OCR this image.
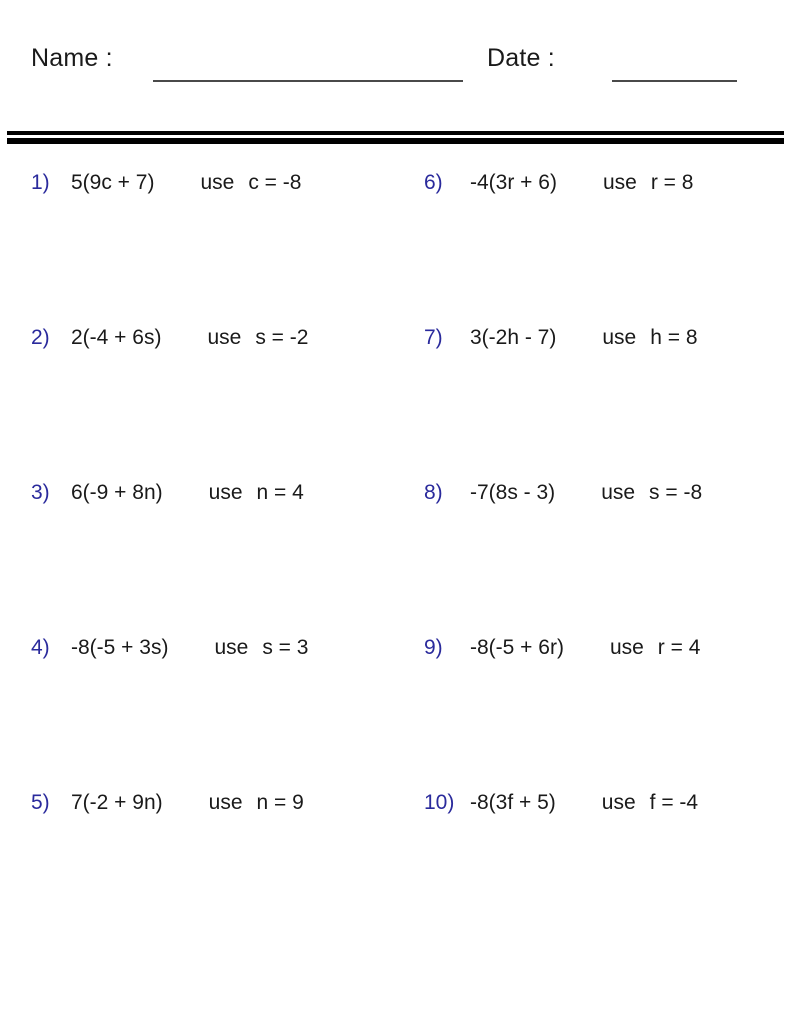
Name :	Date :
1)	5(9c + 7) use c = -8	6)	-4(3r + 6) use r = 8
2)	2(-4 + 6s) use s = -2	7)	3(-2h - 7) use h = 8
3)	6(-9 + 8n) use n = 4	8)	-7(8s - 3) use s = -8
4)	-8(-5 + 3s) use s = 3	9)	-8(-5 + 6r) use r = 4
5)	7(-2 + 9n) use n = 9	10) -8(3f + 5) use f = -4
